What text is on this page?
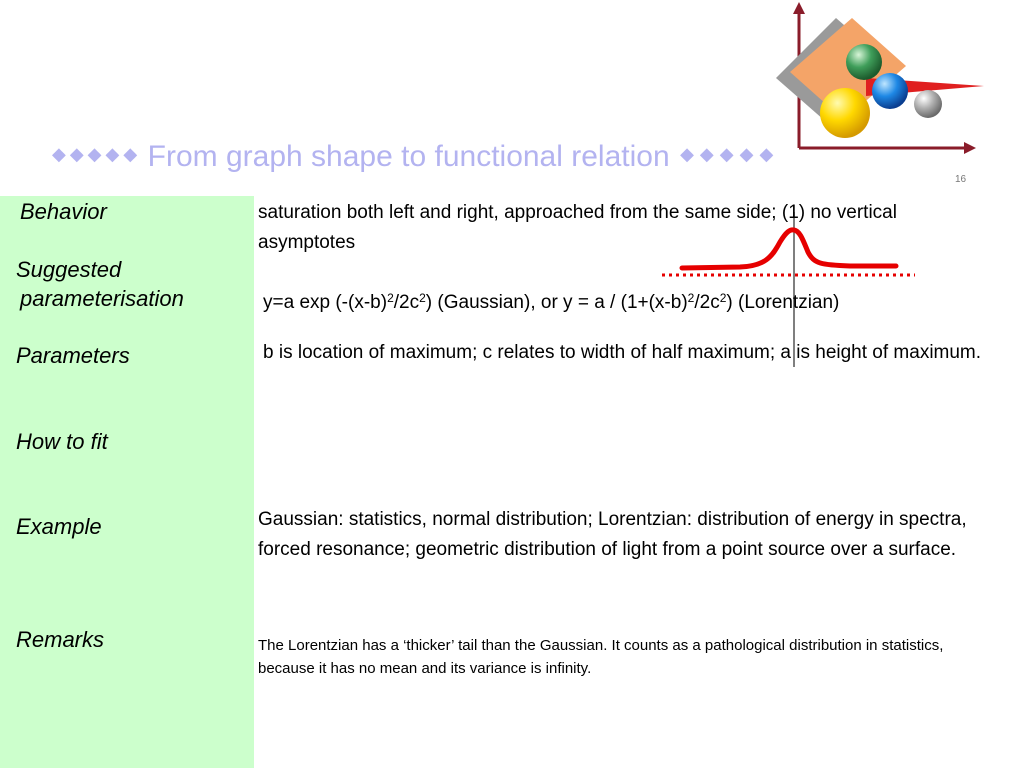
◆◆◆◆◆ From graph shape to functional relation ◆◆◆◆◆
16
Behavior
Suggested
parameterisation
Parameters
How to fit
Example
Remarks
saturation both left and right, approached from the same side; (1) no vertical asymptotes
y=a $\exp (-(x-b)^2/2c^2)$ (Gaussian), or $y = a / (1+(x-b)^2/2c^2)$ (Lorentzian)
b is location of maximum; c relates to width of half maximum; a is height of maximum.
Gaussian: statistics, normal distribution; Lorentzian: distribution of energy in spectra, forced resonance; geometric distribution of light from a point source over a surface.
The Lorentzian has a ‘thicker’ tail than the Gaussian. It counts as a pathological distribution in statistics, because it has no mean and its variance is infinity.
